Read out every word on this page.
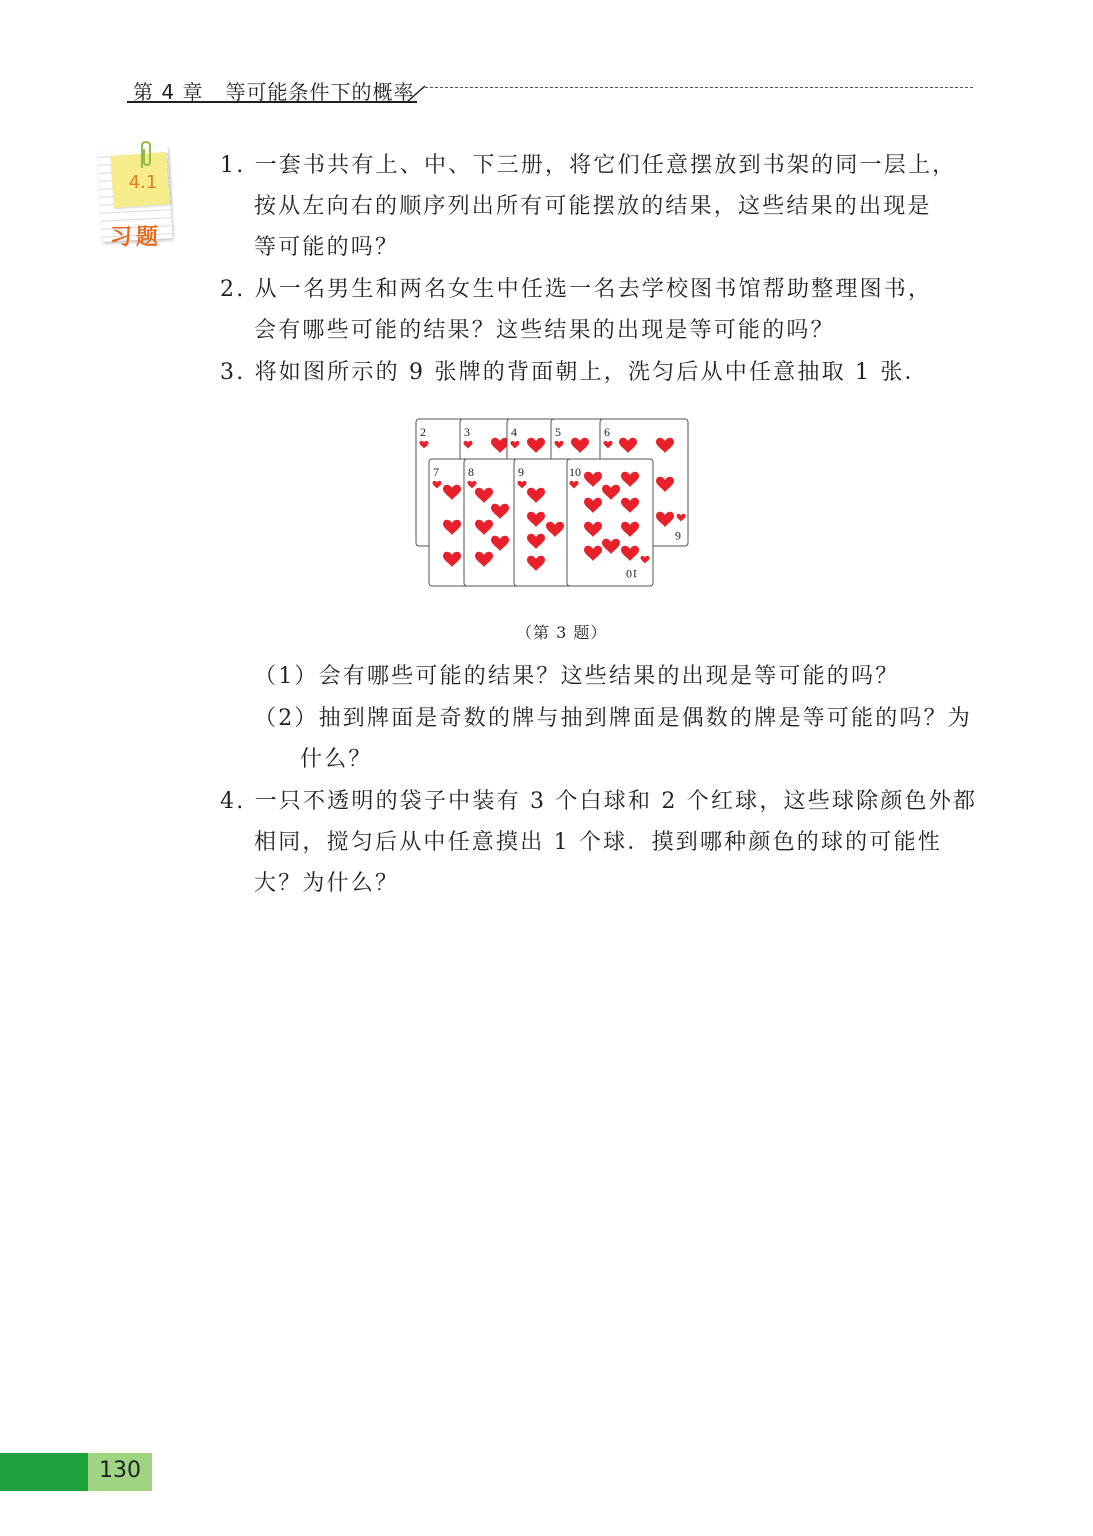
第 4 章   等可能条件下的概率
4.1
习题
1. 一套书共有上、中、下三册，将它们任意摆放到书架的同一层上，
按从左向右的顺序列出所有可能摆放的结果，这些结果的出现是
等可能的吗？
2. 从一名男生和两名女生中任选一名去学校图书馆帮助整理图书，
会有哪些可能的结果？这些结果的出现是等可能的吗？
3. 将如图所示的 9 张牌的背面朝上，洗匀后从中任意抽取 1 张．
2	3	4	5	6
7 8	9	10
10
6
（第 3 题）
（1）会有哪些可能的结果？这些结果的出现是等可能的吗？
（2）抽到牌面是奇数的牌与抽到牌面是偶数的牌是等可能的吗？为
什么？
4. 一只不透明的袋子中装有 3 个白球和 2 个红球，这些球除颜色外都
相同，搅匀后从中任意摸出 1 个球．摸到哪种颜色的球的可能性
大？为什么？
130
